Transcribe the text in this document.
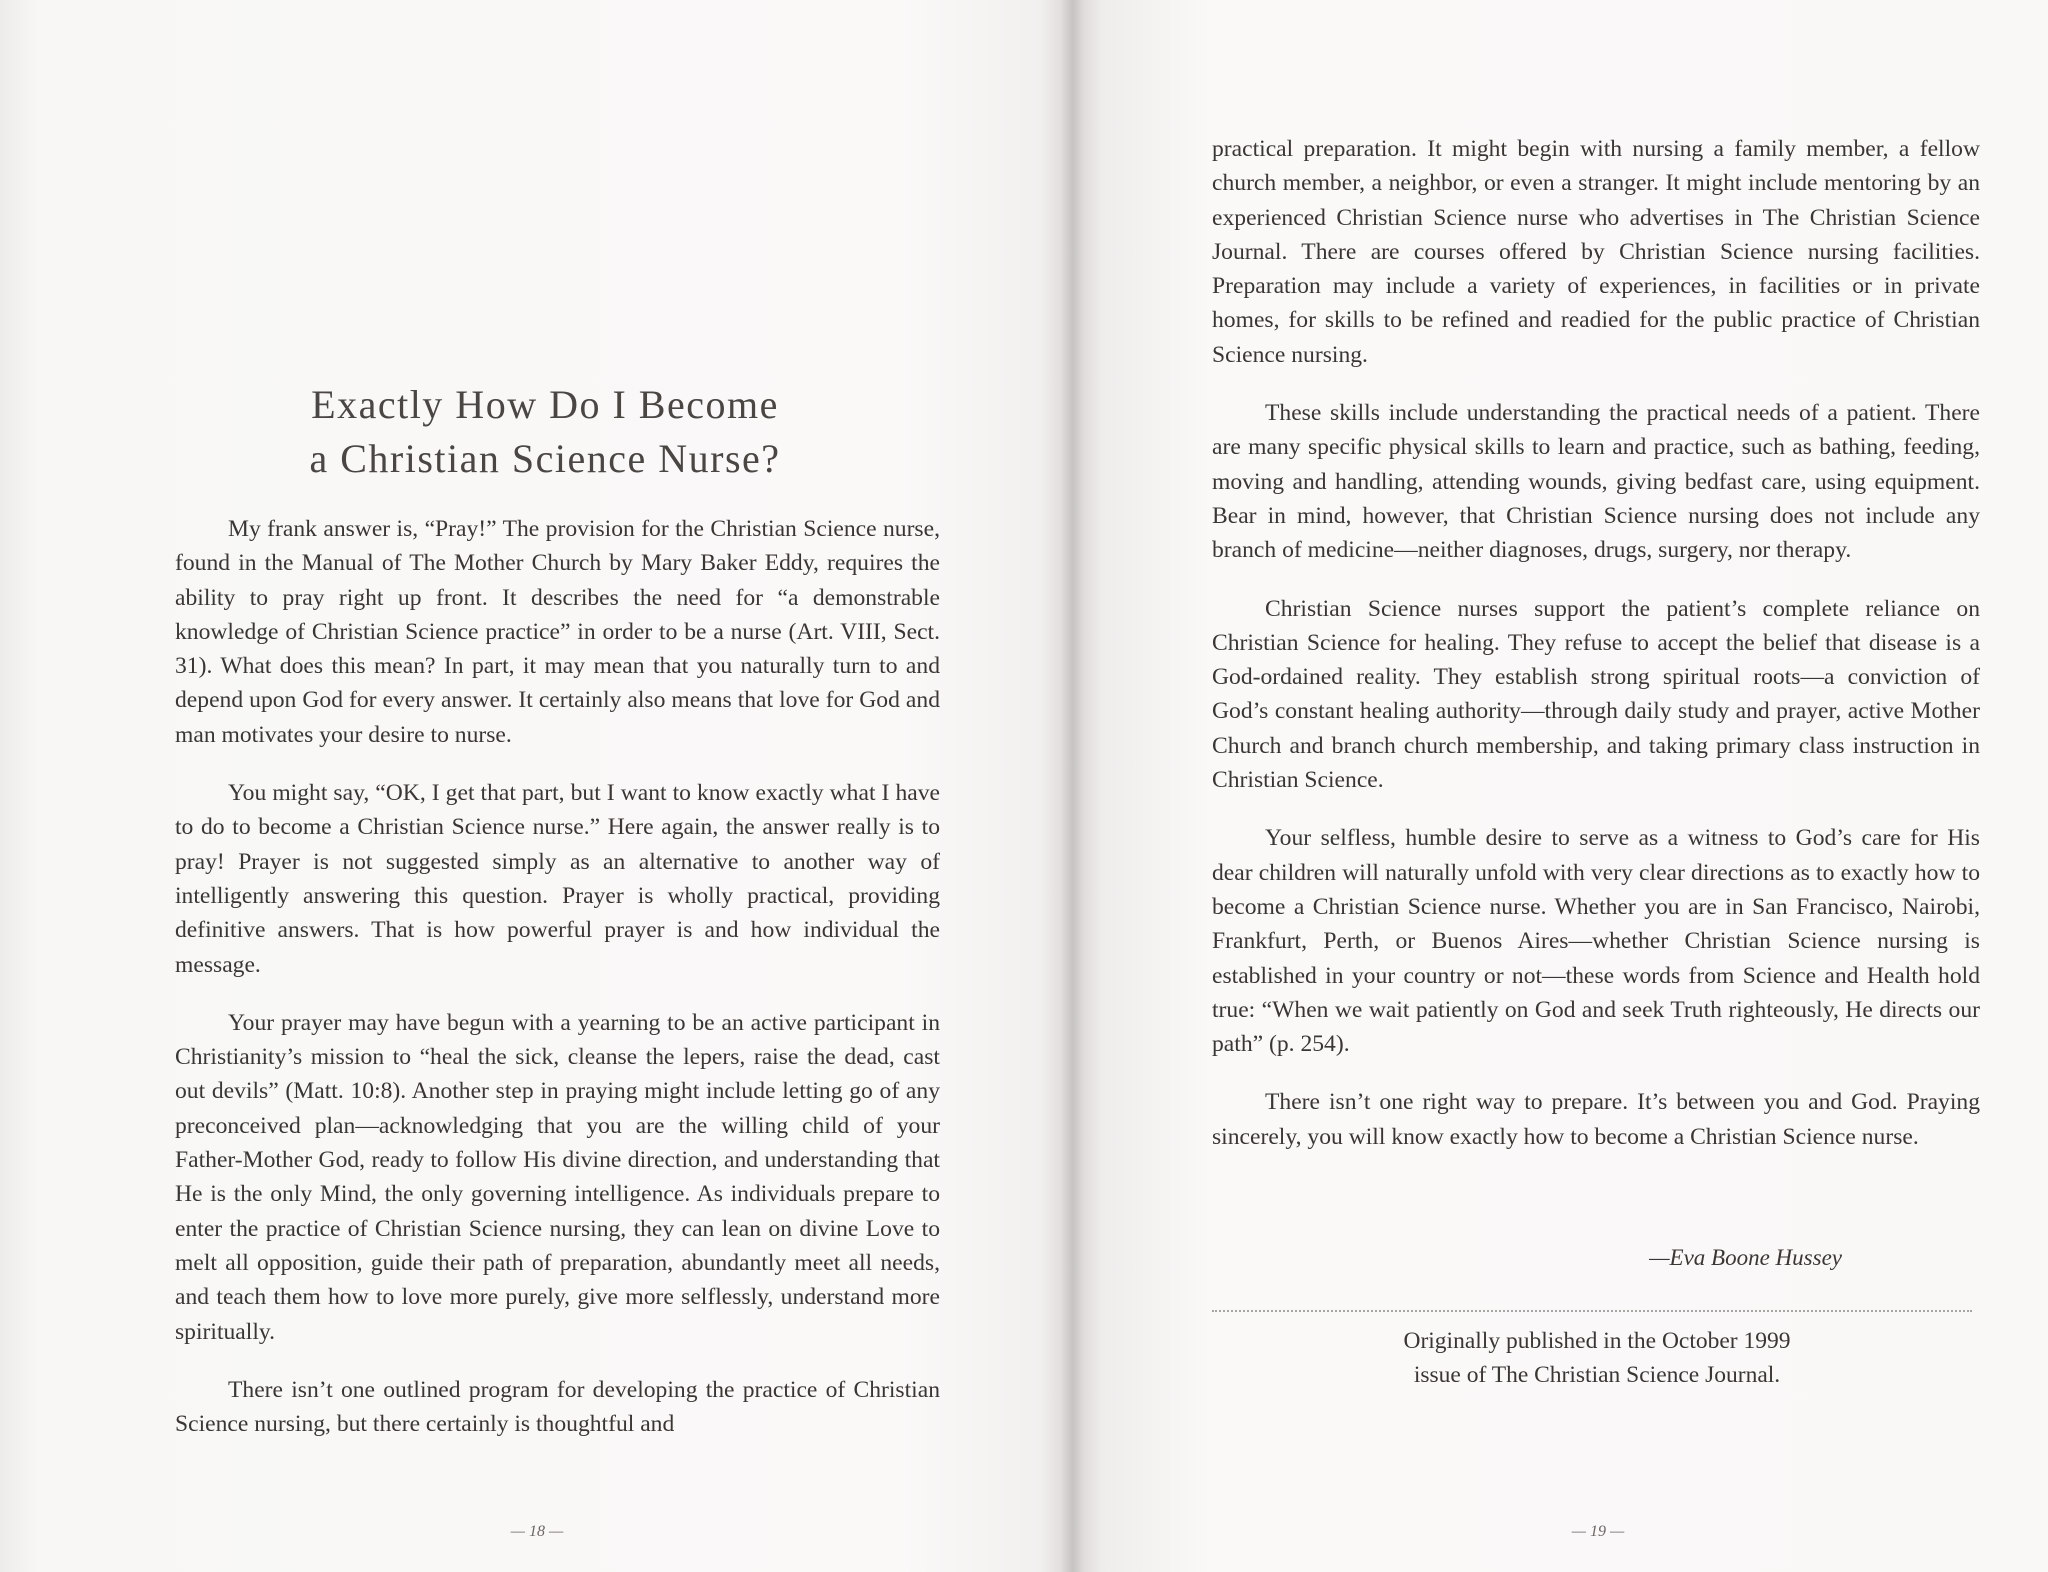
Exactly How Do I Become
a Christian Science Nurse?

My frank answer is, “Pray!” The provision for the Christian Science nurse, found in the Manual of The Mother Church by Mary Baker Eddy, requires the ability to pray right up front. It describes the need for “a demonstrable knowledge of Christian Science practice” in order to be a nurse (Art. VIII, Sect. 31). What does this mean? In part, it may mean that you naturally turn to and depend upon God for every answer. It certainly also means that love for God and man motivates your desire to nurse.

You might say, “OK, I get that part, but I want to know exactly what I have to do to become a Christian Science nurse.” Here again, the answer really is to pray! Prayer is not suggested simply as an alternative to another way of intelligently answering this question. Prayer is wholly practical, providing definitive answers. That is how powerful prayer is and how individual the message.

Your prayer may have begun with a yearning to be an active participant in Christianity’s mission to “heal the sick, cleanse the lepers, raise the dead, cast out devils” (Matt. 10:8). Another step in praying might include letting go of any preconceived plan—acknowledging that you are the willing child of your Father-Mother God, ready to follow His divine direction, and understanding that He is the only Mind, the only governing intelligence. As individuals prepare to enter the practice of Christian Science nursing, they can lean on divine Love to melt all opposition, guide their path of preparation, abundantly meet all needs, and teach them how to love more purely, give more selflessly, understand more spiritually.

There isn’t one outlined program for developing the practice of Christian Science nursing, but there certainly is thoughtful and

— 18 —

practical preparation. It might begin with nursing a family member, a fellow church member, a neighbor, or even a stranger. It might include mentoring by an experienced Christian Science nurse who advertises in The Christian Science Journal. There are courses offered by Christian Science nursing facilities. Preparation may include a variety of experiences, in facilities or in private homes, for skills to be refined and readied for the public practice of Christian Science nursing.

These skills include understanding the practical needs of a patient. There are many specific physical skills to learn and practice, such as bathing, feeding, moving and handling, attending wounds, giving bedfast care, using equipment. Bear in mind, however, that Christian Science nursing does not include any branch of medicine—neither diagnoses, drugs, surgery, nor therapy.

Christian Science nurses support the patient’s complete reliance on Christian Science for healing. They refuse to accept the belief that disease is a God-ordained reality. They establish strong spiritual roots—a conviction of God’s constant healing authority—through daily study and prayer, active Mother Church and branch church membership, and taking primary class instruction in Christian Science.

Your selfless, humble desire to serve as a witness to God’s care for His dear children will naturally unfold with very clear directions as to exactly how to become a Christian Science nurse. Whether you are in San Francisco, Nairobi, Frankfurt, Perth, or Buenos Aires—whether Christian Science nursing is established in your country or not—these words from Science and Health hold true: “When we wait patiently on God and seek Truth righteously, He directs our path” (p. 254).

There isn’t one right way to prepare. It’s between you and God. Praying sincerely, you will know exactly how to become a Christian Science nurse.

—Eva Boone Hussey
Originally published in the October 1999
issue of The Christian Science Journal.
— 19 —
